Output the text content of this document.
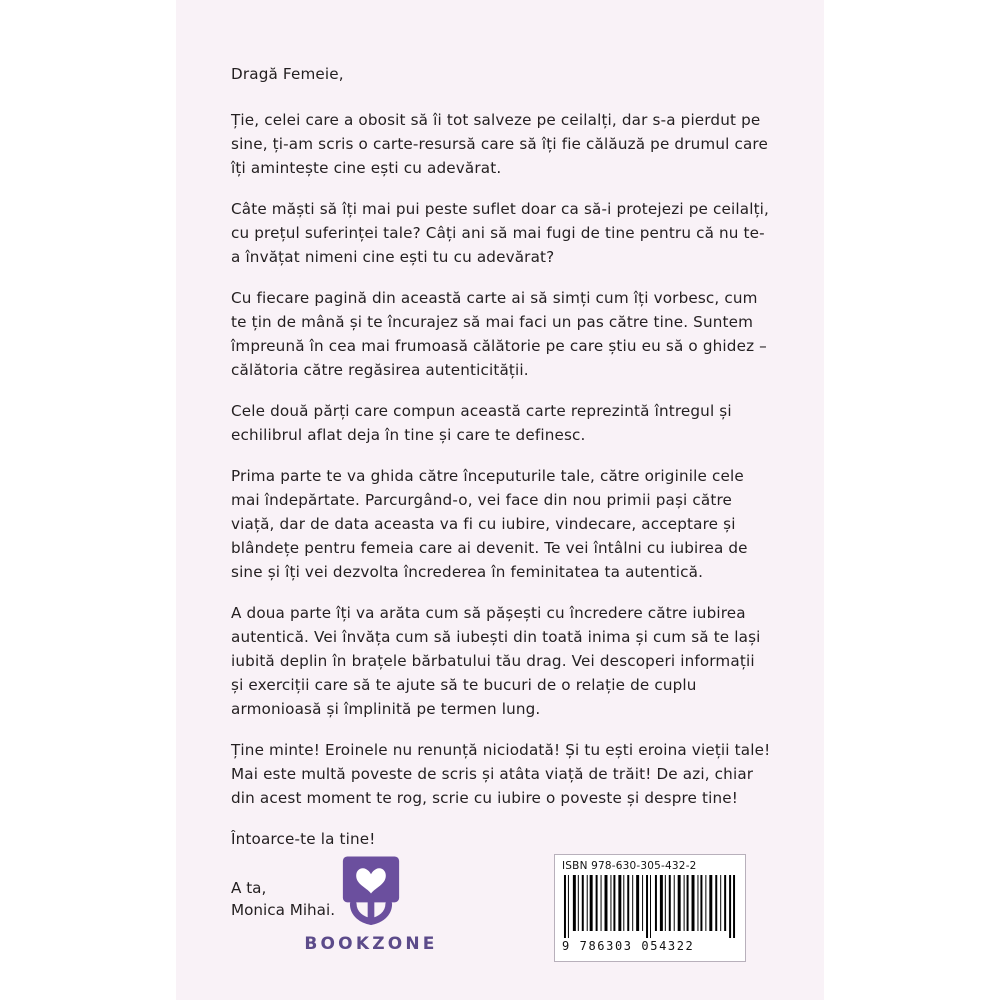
Dragă Femeie,

Ție, celei care a obosit să îi tot salveze pe ceilalți, dar s-a pierdut pe sine, ți-am scris o carte-resursă care să îți fie călăuză pe drumul care îți amintește cine ești cu adevărat.

Câte măști să îți mai pui peste suflet doar ca să-i protejezi pe ceilalți, cu prețul suferinței tale? Câți ani să mai fugi de tine pentru că nu te-a învățat nimeni cine ești tu cu adevărat?

Cu fiecare pagină din această carte ai să simți cum îți vorbesc, cum te țin de mână și te încurajez să mai faci un pas către tine. Suntem împreună în cea mai frumoasă călătorie pe care știu eu să o ghidez – călătoria către regăsirea autenticității.

Cele două părți care compun această carte reprezintă întregul și echilibrul aflat deja în tine și care te definesc.

Prima parte te va ghida către începuturile tale, către originile cele mai îndepărtate. Parcurgând-o, vei face din nou primii pași către viață, dar de data aceasta va fi cu iubire, vindecare, acceptare și blândețe pentru femeia care ai devenit. Te vei întâlni cu iubirea de sine și îți vei dezvolta încrederea în feminitatea ta autentică.

A doua parte îți va arăta cum să pășești cu încredere către iubirea autentică. Vei învăța cum să iubești din toată inima și cum să te lași iubită deplin în brațele bărbatului tău drag. Vei descoperi informații și exerciții care să te ajute să te bucuri de o relație de cuplu armonioasă și împlinită pe termen lung.

Ține minte! Eroinele nu renunță niciodată! Și tu ești eroina vieții tale! Mai este multă poveste de scris și atâta viață de trăit! De azi, chiar din acest moment te rog, scrie cu iubire o poveste și despre tine!

Întoarce-te la tine!

A ta,

Monica Mihai.

BOOKZONE
ISBN 978-630-305-432-2
9 786303 054322
